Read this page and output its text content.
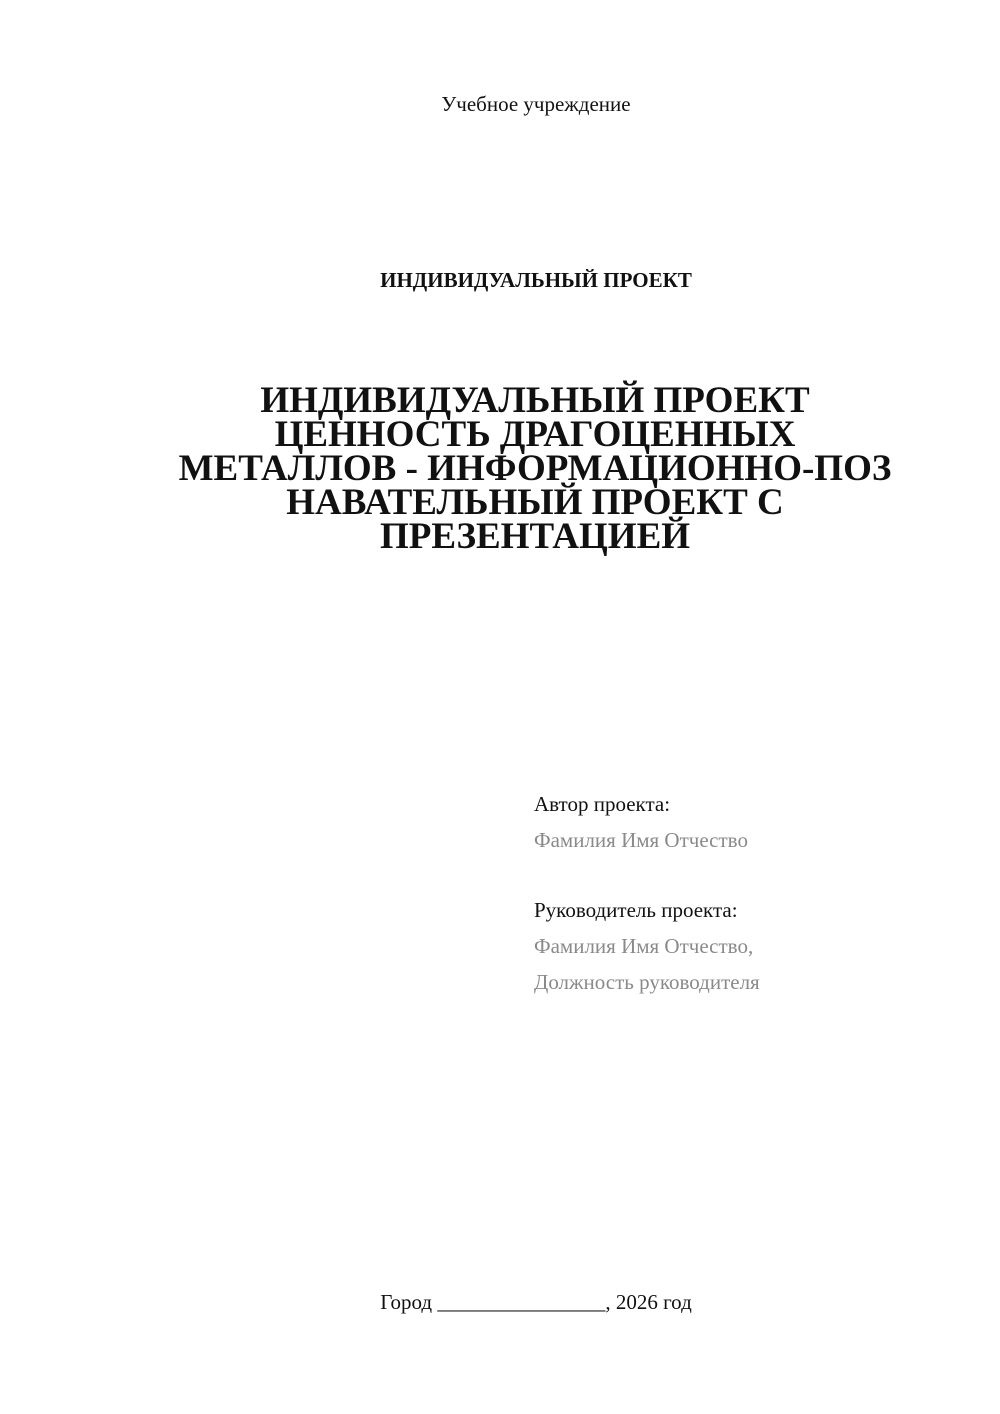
Учебное учреждение
ИНДИВИДУАЛЬНЫЙ ПРОЕКТ
ИНДИВИДУАЛЬНЫЙ ПРОЕКТ
ЦЕННОСТЬ ДРАГОЦЕННЫХ
МЕТАЛЛОВ - ИНФОРМАЦИОННО-ПОЗ
НАВАТЕЛЬНЫЙ ПРОЕКТ С
ПРЕЗЕНТАЦИЕЙ
Автор проекта:
Фамилия Имя Отчество
Руководитель проекта:
Фамилия Имя Отчество,
Должность руководителя
Город ________________, 2026 год
